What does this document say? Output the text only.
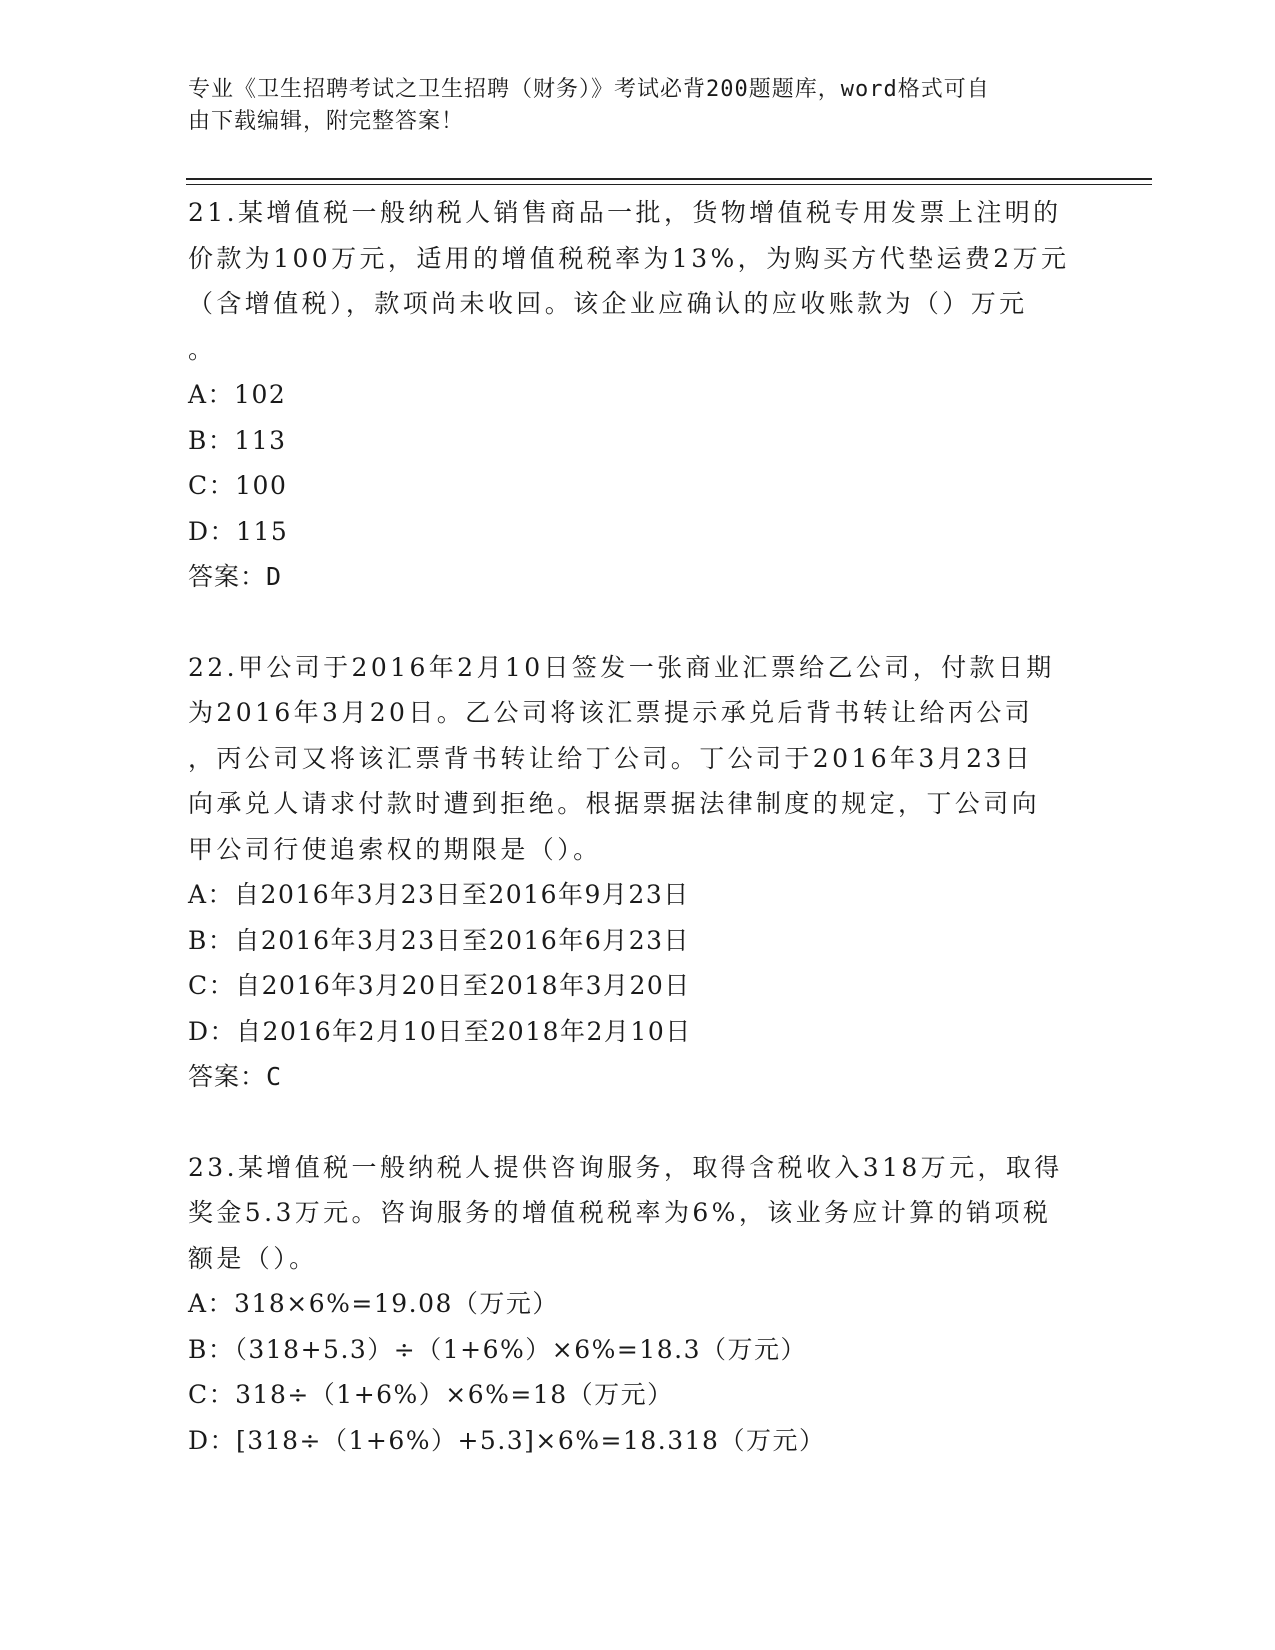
专业《卫生招聘考试之卫生招聘（财务）》考试必背200题题库，word格式可自
由下载编辑，附完整答案！

21.某增值税一般纳税人销售商品一批，货物增值税专用发票上注明的

价款为100万元，适用的增值税税率为13%，为购买方代垫运费2万元

（含增值税），款项尚未收回。该企业应确认的应收账款为（）万元

。

A：102

B：113

C：100

D：115

答案：D

22.甲公司于2016年2月10日签发一张商业汇票给乙公司，付款日期

为2016年3月20日。乙公司将该汇票提示承兑后背书转让给丙公司

，丙公司又将该汇票背书转让给丁公司。丁公司于2016年3月23日

向承兑人请求付款时遭到拒绝。根据票据法律制度的规定，丁公司向

甲公司行使追索权的期限是（）。

A：自2016年3月23日至2016年9月23日

B：自2016年3月23日至2016年6月23日

C：自2016年3月20日至2018年3月20日

D：自2016年2月10日至2018年2月10日

答案：C

23.某增值税一般纳税人提供咨询服务，取得含税收入318万元，取得

奖金5.3万元。咨询服务的增值税税率为6%，该业务应计算的销项税

额是（）。

A：318×6%=19.08（万元）

B：（318+5.3）÷（1+6%）×6%=18.3（万元）

C：318÷（1+6%）×6%=18（万元）

D：[318÷（1+6%）+5.3]×6%=18.318（万元）
